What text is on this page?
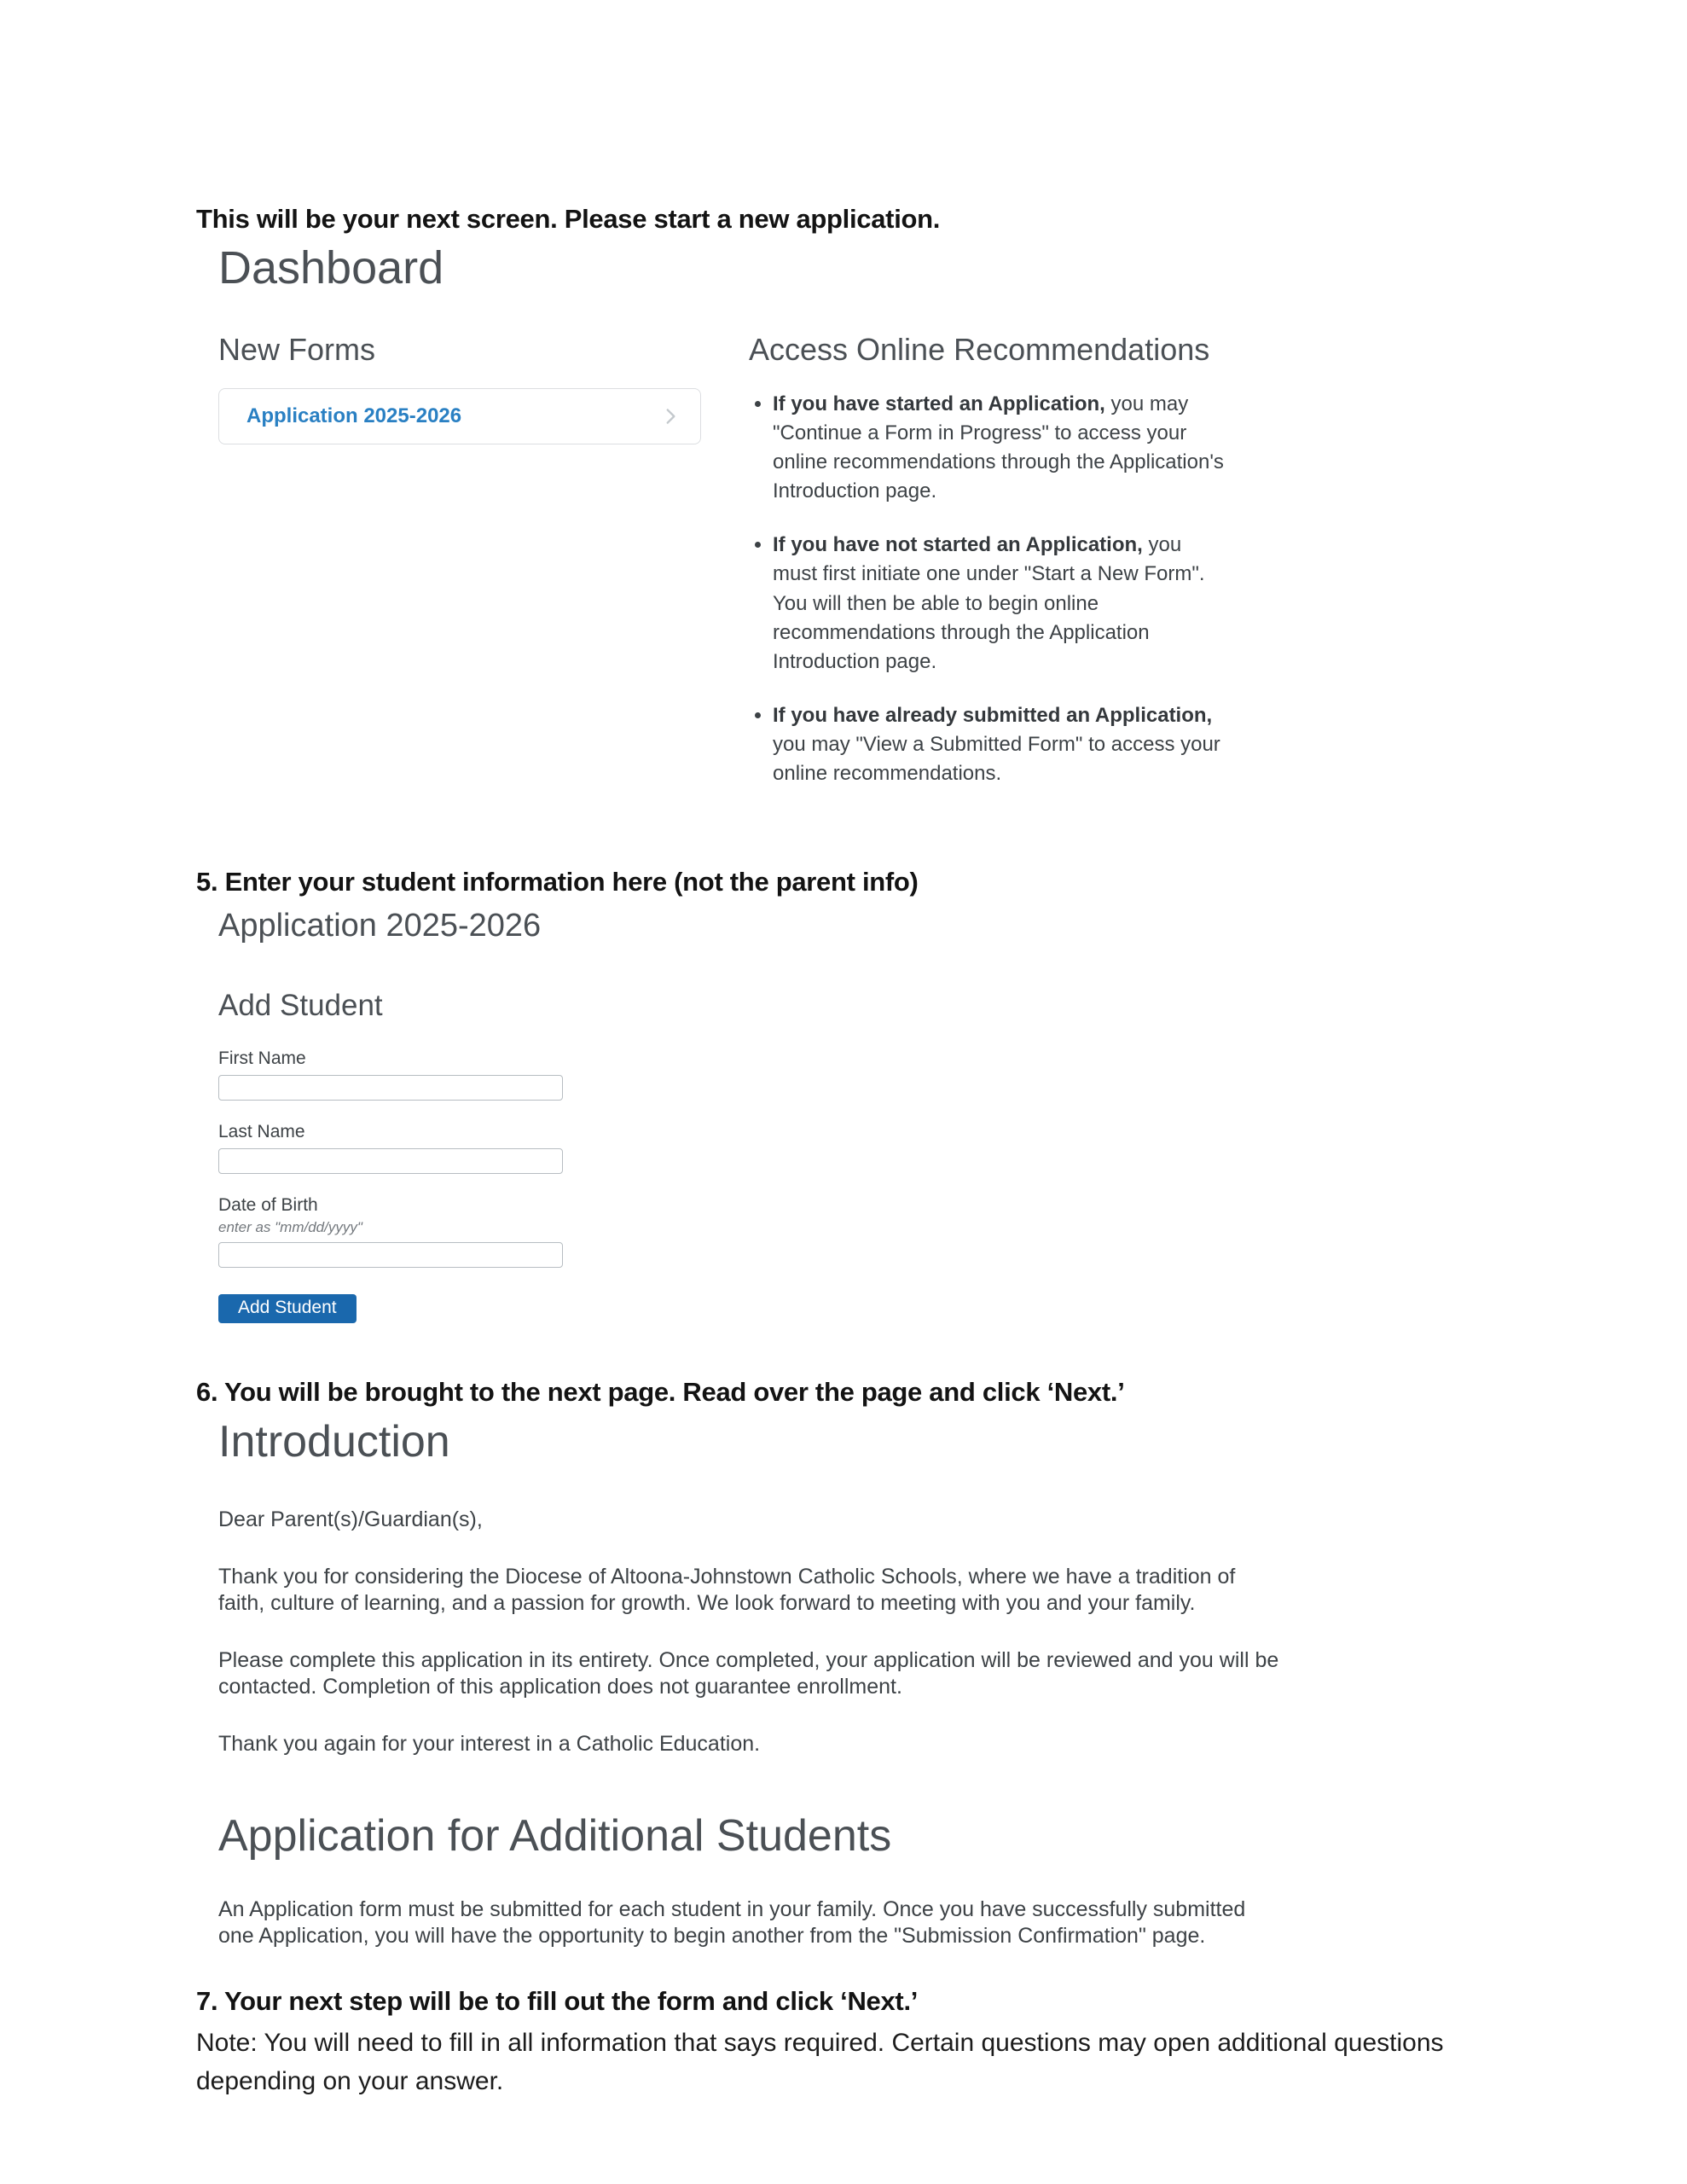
This will be your next screen. Please start a new application.

Dashboard
New Forms
Application 2025-2026
Access Online Recommendations
• If you have started an Application, you may "Continue a Form in Progress" to access your online recommendations through the Application's Introduction page.
• If you have not started an Application, you must first initiate one under "Start a New Form". You will then be able to begin online recommendations through the Application Introduction page.
• If you have already submitted an Application, you may "View a Submitted Form" to access your online recommendations.

5. Enter your student information here (not the parent info)

Application 2025-2026
Add Student
First Name
Last Name
Date of Birth
enter as "mm/dd/yyyy"
Add Student

6. You will be brought to the next page. Read over the page and click ‘Next.’

Introduction

Dear Parent(s)/Guardian(s),

Thank you for considering the Diocese of Altoona-Johnstown Catholic Schools, where we have a tradition of faith, culture of learning, and a passion for growth. We look forward to meeting with you and your family.

Please complete this application in its entirety. Once completed, your application will be reviewed and you will be contacted. Completion of this application does not guarantee enrollment.

Thank you again for your interest in a Catholic Education.

Application for Additional Students

An Application form must be submitted for each student in your family. Once you have successfully submitted one Application, you will have the opportunity to begin another from the "Submission Confirmation" page.

7. Your next step will be to fill out the form and click ‘Next.’

Note: You will need to fill in all information that says required. Certain questions may open additional questions depending on your answer.
